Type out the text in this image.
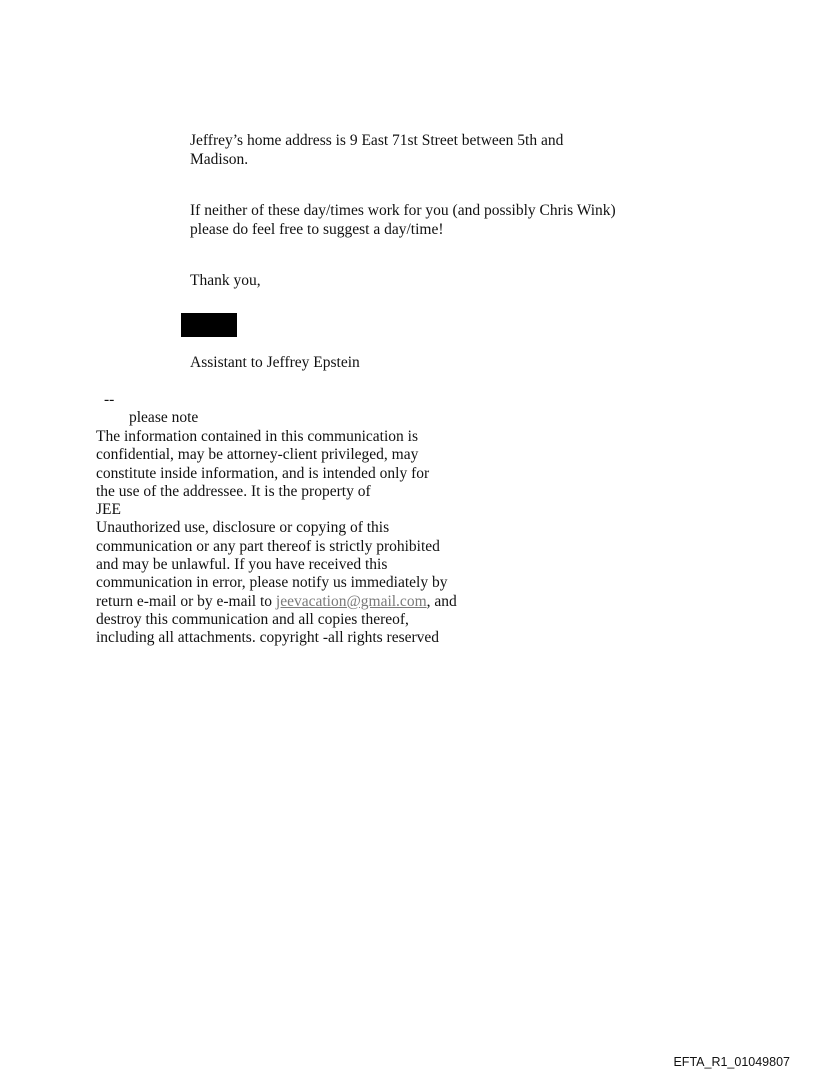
Jeffrey’s home address is 9 East 71st Street between 5th and
Madison.

If neither of these day/times work for you (and possibly Chris Wink)
please do feel free to suggest a day/time!

Thank you,

Assistant to Jeffrey Epstein

--

please note

The information contained in this communication is
confidential, may be attorney-client privileged, may
constitute inside information, and is intended only for
the use of the addressee. It is the property of
JEE
Unauthorized use, disclosure or copying of this
communication or any part thereof is strictly prohibited
and may be unlawful. If you have received this
communication in error, please notify us immediately by
return e-mail or by e-mail to jeevacation@gmail.com, and
destroy this communication and all copies thereof,
including all attachments. copyright -all rights reserved

EFTA_R1_01049807
